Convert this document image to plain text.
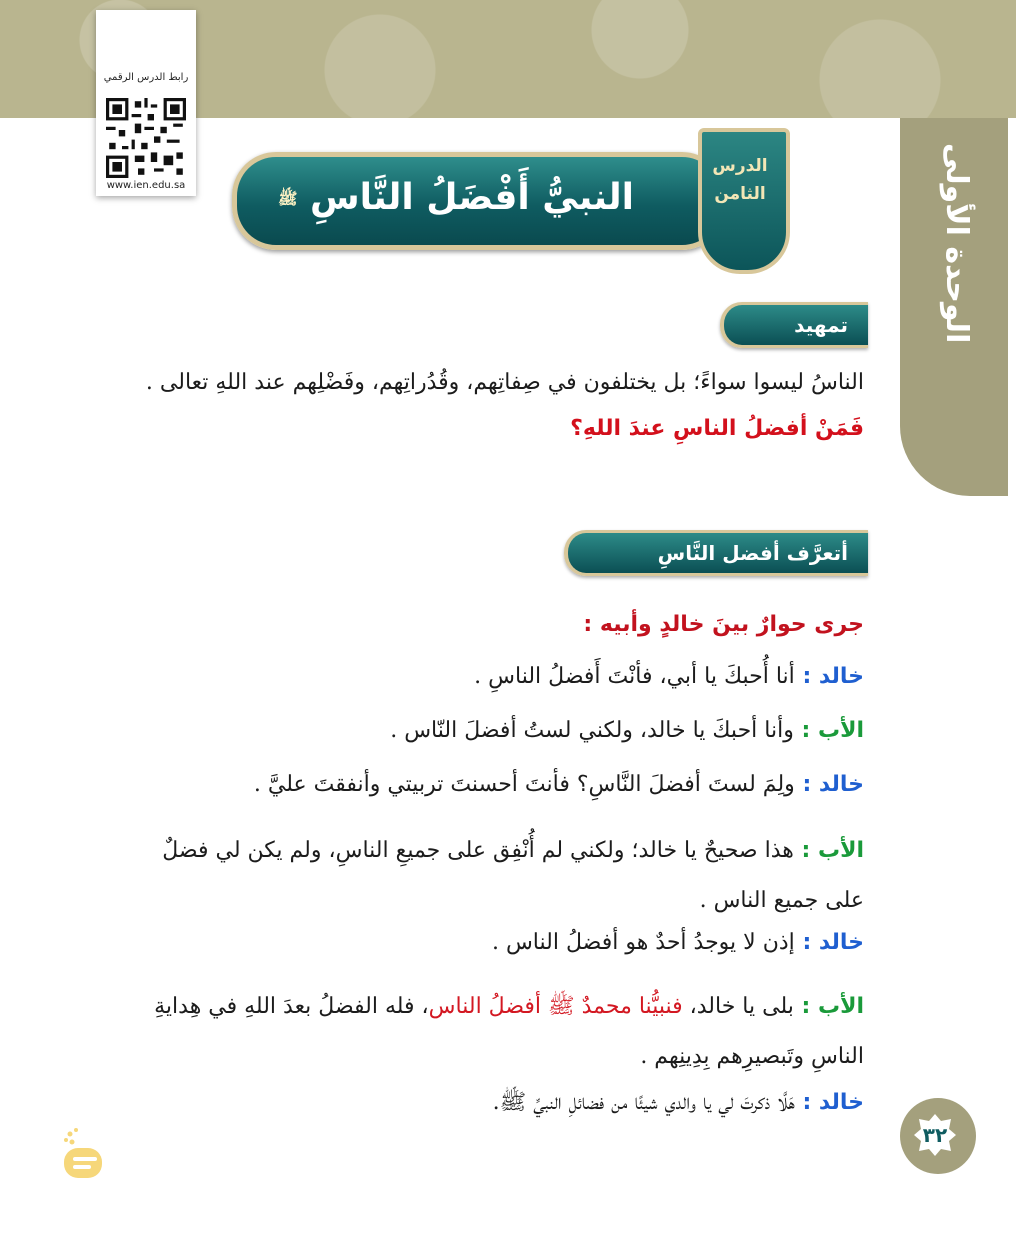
الوحدة الأولى
رابط الدرس الرقمي
www.ien.edu.sa	النبيُّ أَفْضَلُ النَّاسِ ﷺ
الدرس
الثامن
تمهيد
الناسُ ليسوا سواءً؛ بل يختلفون في صِفاتِهم، وقُدُراتِهم، وفَضْلِهم عند اللهِ تعالى .
فَمَنْ أفضلُ الناسِ عندَ اللهِ؟
أتعرَّف أفضل النَّاسِ
جرى حوارٌ بينَ خالدٍ وأبيه :
خالد : أنا أُحبكَ يا أبي، فأنْتَ أَفضلُ الناسِ .
الأب : وأنا أحبكَ يا خالد، ولكني لستُ أفضلَ النّاس .
خالد : ولِمَ لستَ أفضلَ النَّاسِ؟ فأنتَ أحسنتَ تربيتي وأنفقتَ عليَّ .
الأب : هذا صحيحٌ يا خالد؛ ولكني لم أُنْفِق على جميعِ الناسِ، ولم يكن لي فضلٌ على جميع الناس .
خالد : إذن لا يوجدُ أحدٌ هو أفضلُ الناس .
الأب : بلى يا خالد، فنبيُّنا محمدٌ ﷺ أفضلُ الناس، فله الفضلُ بعدَ اللهِ في هِدايةِ الناسِ وتَبصيرِهم بِدِينِهم .
خالد : هَلَّا ذكرتَ لي يا والدي شيئًا من فضائلِ النبيِّ ﷺ.
٣٢
